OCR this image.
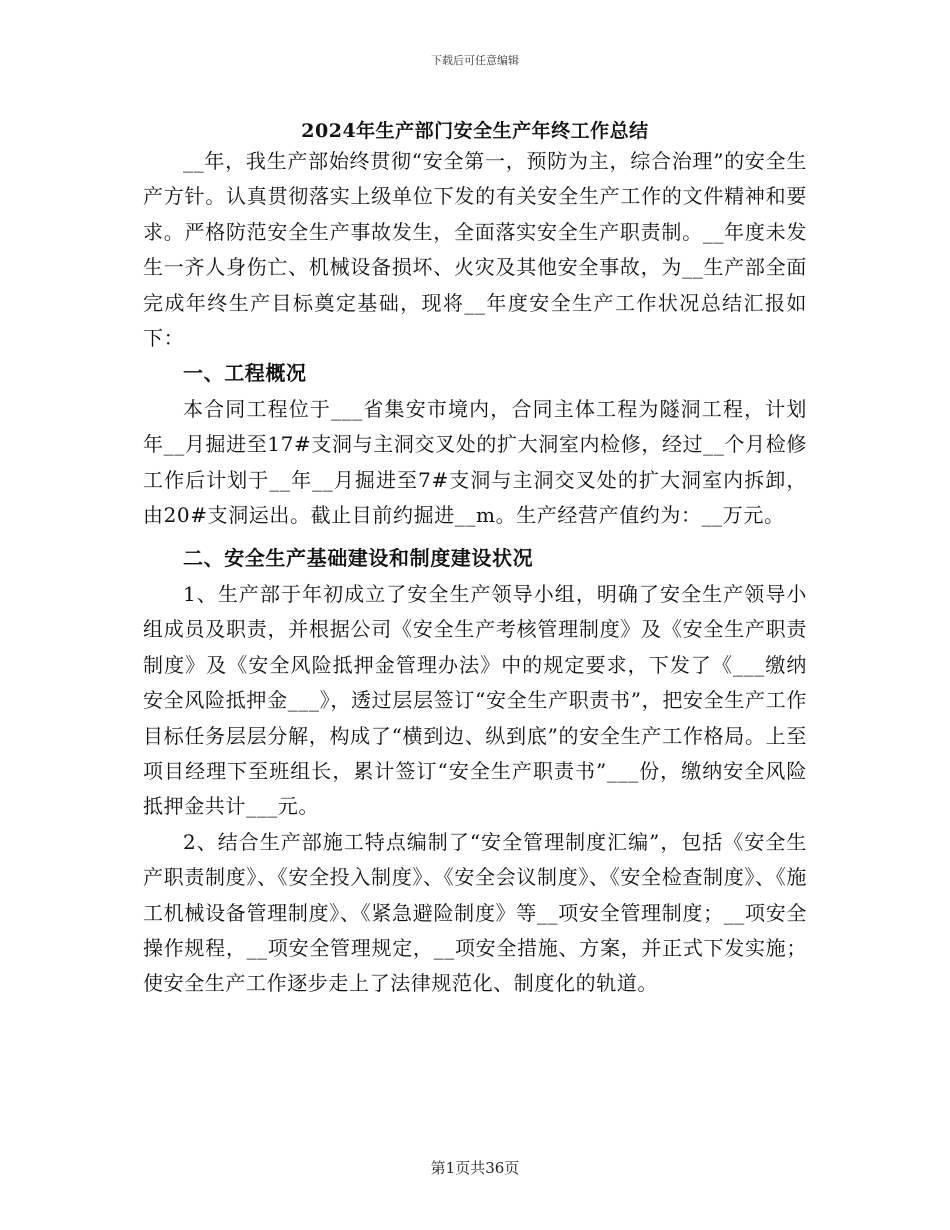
下载后可任意编辑
2024年生产部门安全生产年终工作总结

__年，我生产部始终贯彻“安全第一，预防为主，综合治理”的安全生产方针。认真贯彻落实上级单位下发的有关安全生产工作的文件精神和要求。严格防范安全生产事故发生，全面落实安全生产职责制。__年度未发生一齐人身伤亡、机械设备损坏、火灾及其他安全事故，为__生产部全面完成年终生产目标奠定基础，现将__年度安全生产工作状况总结汇报如下：

一、工程概况

本合同工程位于___省集安市境内，合同主体工程为隧洞工程，计划年__月掘进至17#支洞与主洞交叉处的扩大洞室内检修，经过__个月检修工作后计划于__年__月掘进至7#支洞与主洞交叉处的扩大洞室内拆卸，由20#支洞运出。截止目前约掘进__m。生产经营产值约为：__万元。

二、安全生产基础建设和制度建设状况

1、生产部于年初成立了安全生产领导小组，明确了安全生产领导小组成员及职责，并根据公司《安全生产考核管理制度》及《安全生产职责制度》及《安全风险抵押金管理办法》中的规定要求，下发了《___缴纳安全风险抵押金___》，透过层层签订“安全生产职责书”，把安全生产工作目标任务层层分解，构成了“横到边、纵到底”的安全生产工作格局。上至项目经理下至班组长，累计签订“安全生产职责书”___份，缴纳安全风险抵押金共计___元。

2、结合生产部施工特点编制了“安全管理制度汇编”，包括《安全生产职责制度》、《安全投入制度》、《安全会议制度》、《安全检查制度》、《施工机械设备管理制度》、《紧急避险制度》等__项安全管理制度；__项安全操作规程，__项安全管理规定，__项安全措施、方案，并正式下发实施；使安全生产工作逐步走上了法律规范化、制度化的轨道。

第1页共36页
